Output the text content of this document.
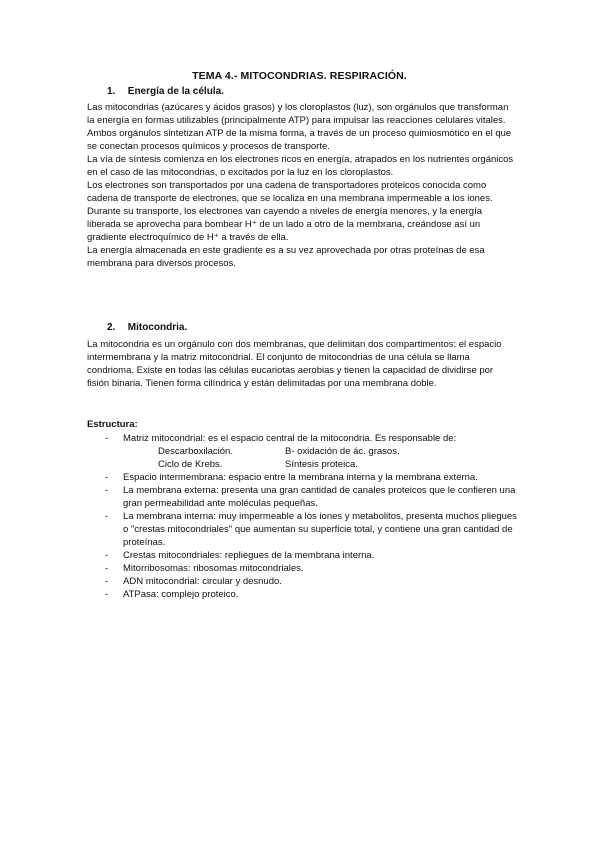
TEMA 4.- MITOCONDRIAS. RESPIRACIÓN.
1. Energía de la célula.

Las mitocondrias (azúcares y ácidos grasos) y los cloroplastos (luz), son orgánulos que transforman la energía en formas utilizables (principalmente ATP) para impulsar las reacciones celulares vitales.

Ambos orgánulos sintetizan ATP de la misma forma, a través de un proceso quimiosmótico en el que se conectan procesos químicos y procesos de transporte.

La vía de síntesis comienza en los electrones ricos en energía, atrapados en los nutrientes orgánicos en el caso de las mitocondrias, o excitados por la luz en los cloroplastos.

Los electrones son transportados por una cadena de transportadores proteicos conocida como cadena de transporte de electrones, que se localiza en una membrana impermeable a los iones.

Durante su transporte, los electrones van cayendo a niveles de energía menores, y la energía liberada se aprovecha para bombear H⁺ de un lado a otro de la membrana, creándose así un gradiente electroquímico de H⁺ a través de ella.

La energía almacenada en este gradiente es a su vez aprovechada por otras proteínas de esa membrana para diversos procesos.

2. Mitocondria.

La mitocondria es un orgánulo con dos membranas, que delimitan dos compartimentos: el espacio intermembrana y la matriz mitocondrial. El conjunto de mitocondrias de una célula se llama condrioma. Existe en todas las células eucariotas aerobias y tienen la capacidad de dividirse por fisión binaria. Tienen forma cilíndrica y están delimitadas por una membrana doble.

Estructura:
-	Matriz mitocondrial: es el espacio central de la mitocondria. Es responsable de:
Descarboxilación.	B- oxidación de ác. grasos.
Ciclo de Krebs.	Síntesis proteica.
-	Espacio intermembrana: espacio entre la membrana interna y la membrana externa.
-	La membrana externa: presenta una gran cantidad de canales proteicos que le confieren una gran permeabilidad ante moléculas pequeñas.
-	La membrana interna: muy impermeable a los iones y metabolitos, presenta muchos pliegues o "crestas mitocondriales" que aumentan su superficie total, y contiene una gran cantidad de proteínas.
-	Crestas mitocondriales: repliegues de la membrana interna.
-	Mitorribosomas: ribosomas mitocondriales.
-	ADN mitocondrial: circular y desnudo.
-	ATPasa: complejo proteico.
